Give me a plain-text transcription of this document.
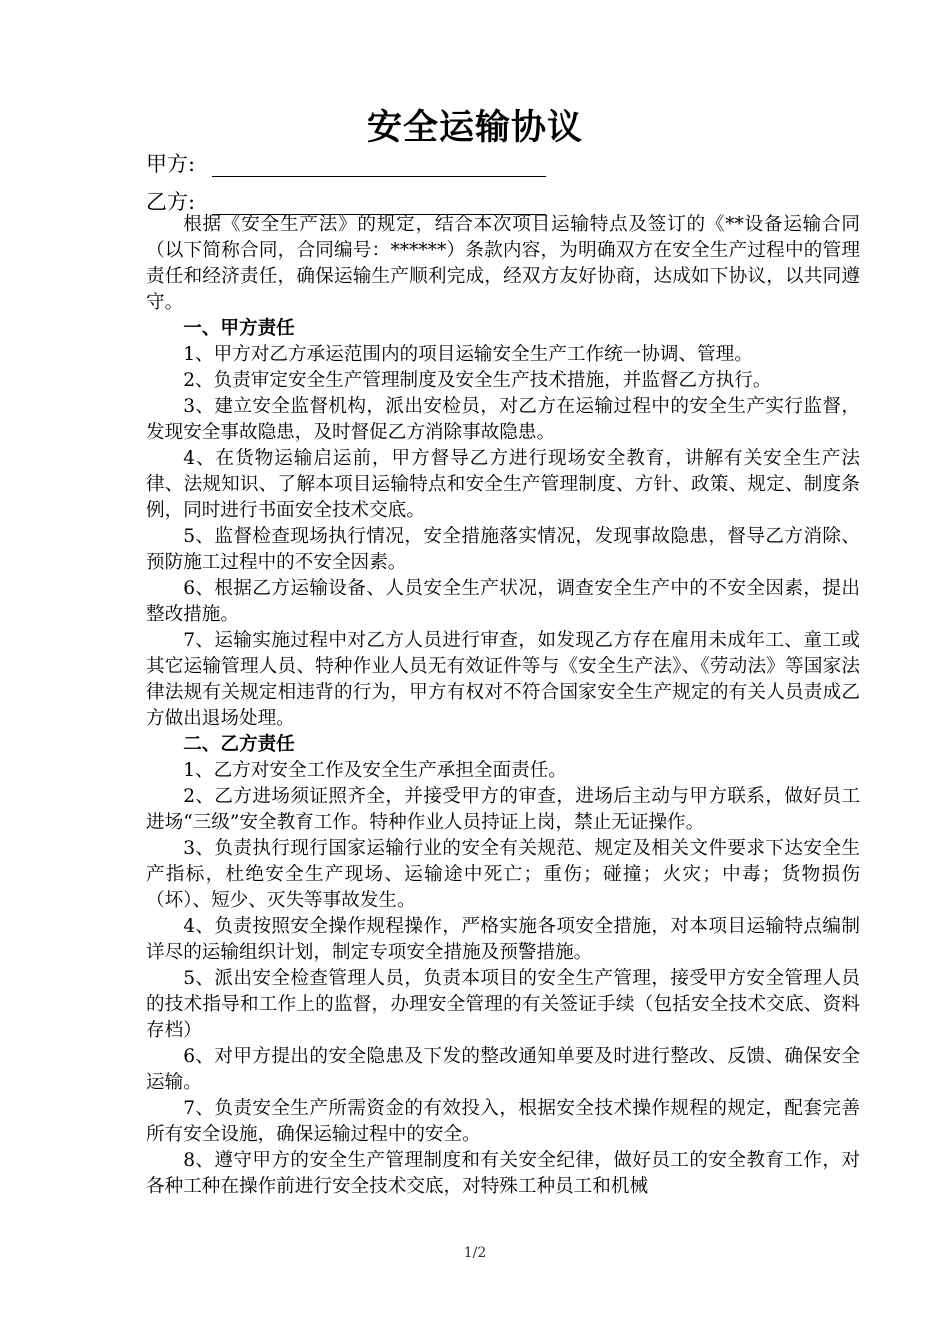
安全运输协议
甲方:
乙方:

根据《安全生产法》的规定，结合本次项目运输特点及签订的《**设备运输合同（以下简称合同，合同编号：******）条款内容，为明确双方在安全生产过程中的管理责任和经济责任，确保运输生产顺利完成，经双方友好协商，达成如下协议，以共同遵守。

一、甲方责任

1、甲方对乙方承运范围内的项目运输安全生产工作统一协调、管理。

2、负责审定安全生产管理制度及安全生产技术措施，并监督乙方执行。

3、建立安全监督机构，派出安检员，对乙方在运输过程中的安全生产实行监督，发现安全事故隐患，及时督促乙方消除事故隐患。

4、在货物运输启运前，甲方督导乙方进行现场安全教育，讲解有关安全生产法律、法规知识、了解本项目运输特点和安全生产管理制度、方针、政策、规定、制度条例，同时进行书面安全技术交底。

5、监督检查现场执行情况，安全措施落实情况，发现事故隐患，督导乙方消除、预防施工过程中的不安全因素。

6、根据乙方运输设备、人员安全生产状况，调查安全生产中的不安全因素，提出整改措施。

7、运输实施过程中对乙方人员进行审查，如发现乙方存在雇用未成年工、童工或其它运输管理人员、特种作业人员无有效证件等与《安全生产法》、《劳动法》等国家法律法规有关规定相违背的行为，甲方有权对不符合国家安全生产规定的有关人员责成乙方做出退场处理。

二、乙方责任

1、乙方对安全工作及安全生产承担全面责任。

2、乙方进场须证照齐全，并接受甲方的审查，进场后主动与甲方联系，做好员工进场“三级”安全教育工作。特种作业人员持证上岗，禁止无证操作。

3、负责执行现行国家运输行业的安全有关规范、规定及相关文件要求下达安全生产指标，杜绝安全生产现场、运输途中死亡；重伤；碰撞；火灾；中毒；货物损伤（坏）、短少、灭失等事故发生。

4、负责按照安全操作规程操作，严格实施各项安全措施，对本项目运输特点编制详尽的运输组织计划，制定专项安全措施及预警措施。

5、派出安全检查管理人员，负责本项目的安全生产管理，接受甲方安全管理人员的技术指导和工作上的监督，办理安全管理的有关签证手续（包括安全技术交底、资料存档）

6、对甲方提出的安全隐患及下发的整改通知单要及时进行整改、反馈、确保安全运输。

7、负责安全生产所需资金的有效投入，根据安全技术操作规程的规定，配套完善所有安全设施，确保运输过程中的安全。

8、遵守甲方的安全生产管理制度和有关安全纪律，做好员工的安全教育工作，对各种工种在操作前进行安全技术交底，对特殊工种员工和机械

1/2
